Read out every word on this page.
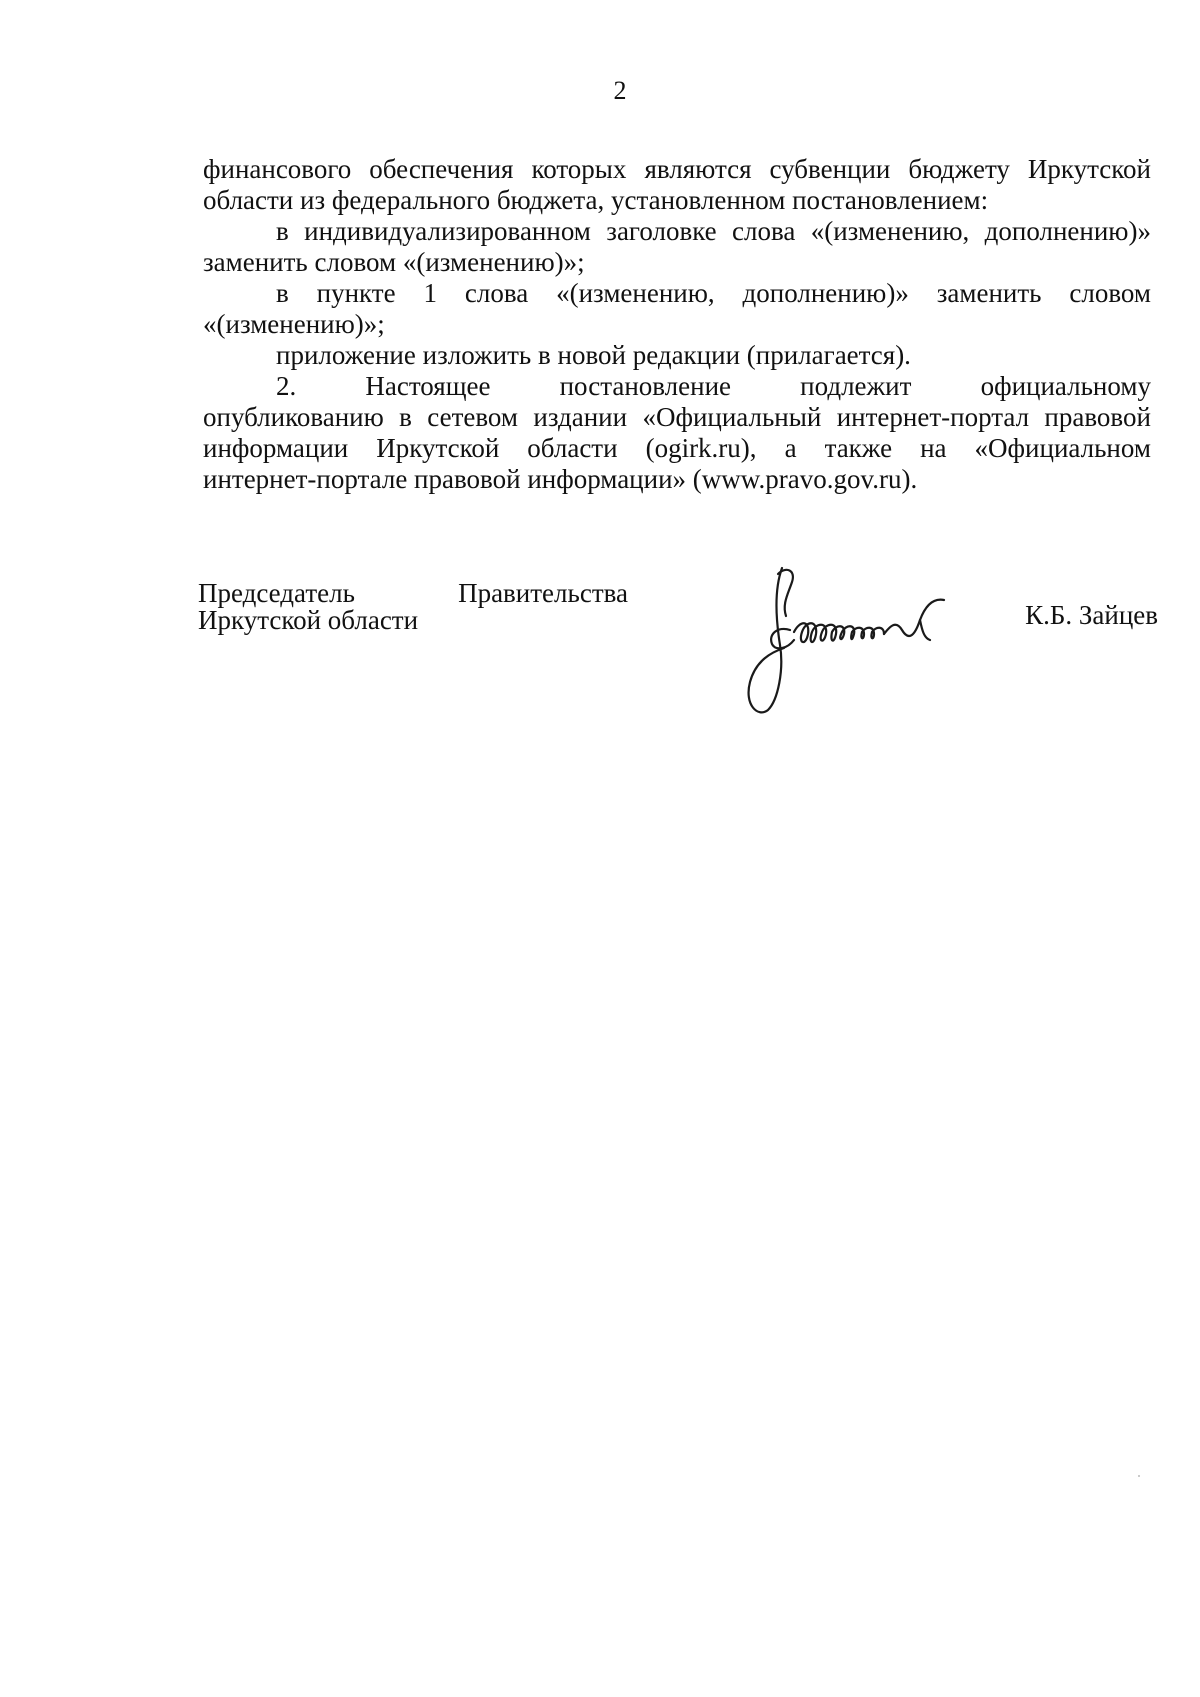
2
финансового обеспечения которых являются субвенции бюджету Иркутской
области из федерального бюджета, установленном постановлением:
в индивидуализированном заголовке слова «(изменению, дополнению)»
заменить словом «(изменению)»;
в пункте 1 слова «(изменению, дополнению)» заменить словом
«(изменению)»;
приложение изложить в новой редакции (прилагается).
2.	Настоящее	постановление	подлежит	официальному
опубликованию в сетевом издании «Официальный интернет-портал правовой
информации Иркутской области (ogirk.ru), а также на «Официальном
интернет-портале правовой информации» (www.pravo.gov.ru).
Председатель	Правительства
Иркутской области	К.Б. Зайцев
